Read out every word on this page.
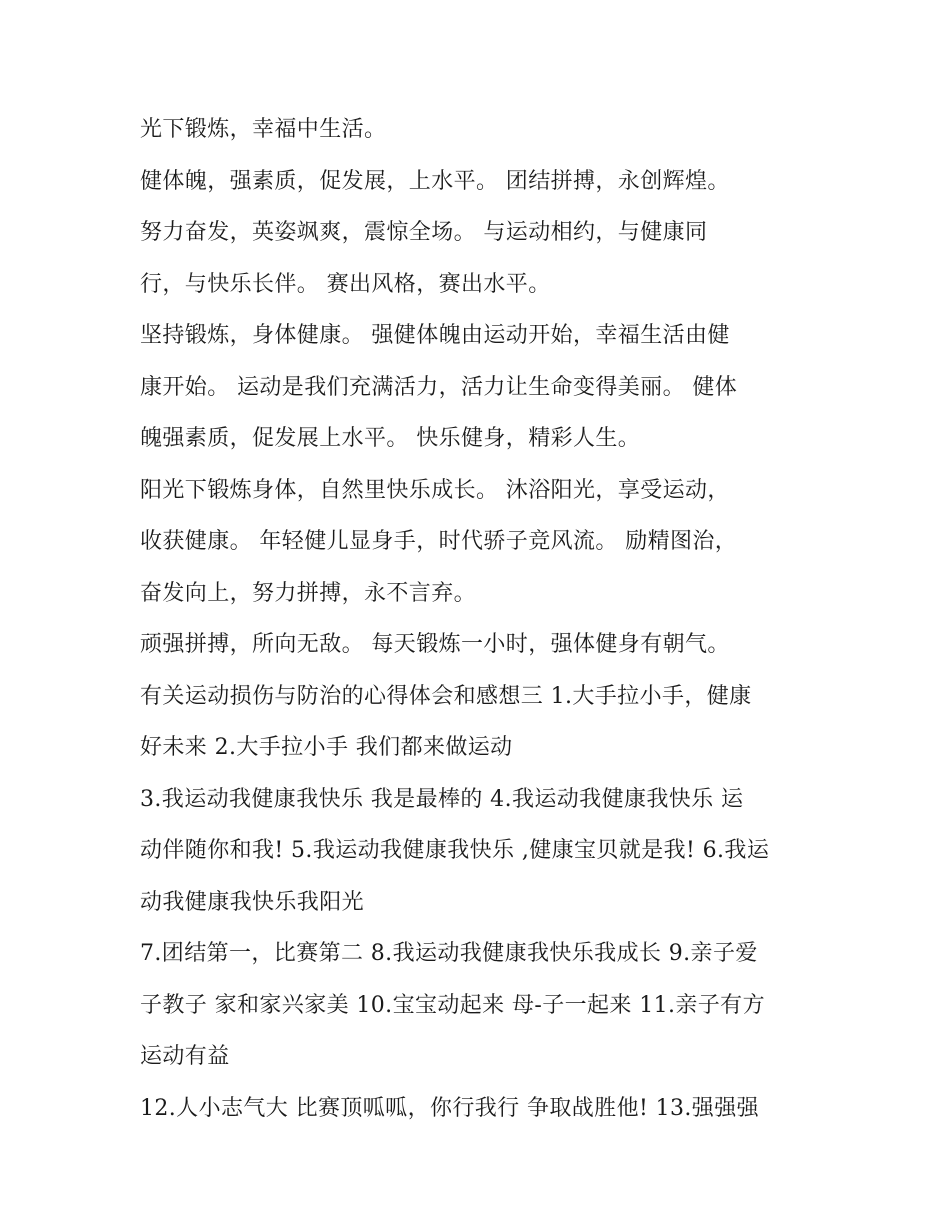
光下锻炼，幸福中生活。
健体魄，强素质，促发展，上水平。 团结拼搏，永创辉煌。
努力奋发，英姿飒爽，震惊全场。 与运动相约，与健康同
行，与快乐长伴。 赛出风格，赛出水平。
坚持锻炼，身体健康。 强健体魄由运动开始，幸福生活由健
康开始。 运动是我们充满活力，活力让生命变得美丽。 健体
魄强素质，促发展上水平。 快乐健身，精彩人生。
阳光下锻炼身体，自然里快乐成长。 沐浴阳光，享受运动，
收获健康。 年轻健儿显身手，时代骄子竞风流。 励精图治，
奋发向上，努力拼搏，永不言弃。
顽强拼搏，所向无敌。 每天锻炼一小时，强体健身有朝气。
有关运动损伤与防治的心得体会和感想三 1.大手拉小手，健康
好未来 2.大手拉小手 我们都来做运动
3.我运动我健康我快乐 我是最棒的 4.我运动我健康我快乐 运
动伴随你和我! 5.我运动我健康我快乐 ,健康宝贝就是我! 6.我运
动我健康我快乐我阳光
7.团结第一，比赛第二 8.我运动我健康我快乐我成长 9.亲子爱
子教子 家和家兴家美 10.宝宝动起来 母-子一起来 11.亲子有方
运动有益
12.人小志气大 比赛顶呱呱，你行我行 争取战胜他! 13.强强强
